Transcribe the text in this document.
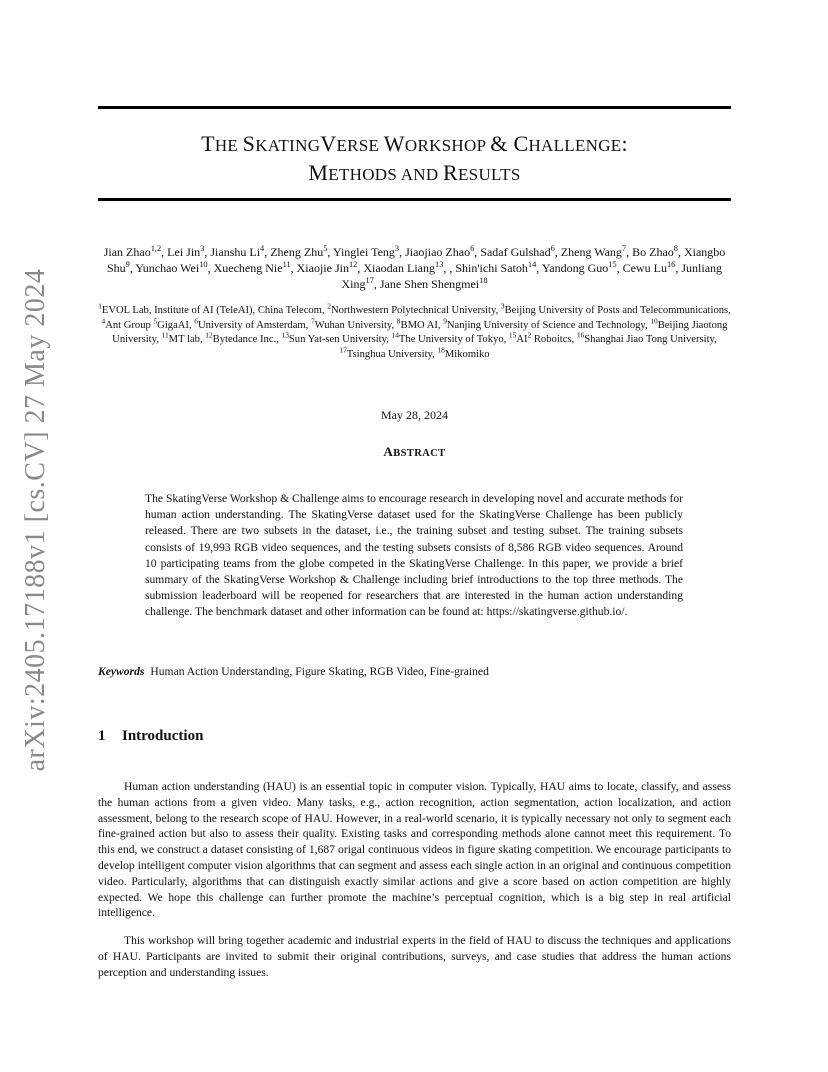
arXiv:2405.17188v1 [cs.CV] 27 May 2024
THE SKATINGVERSE WORKSHOP & CHALLENGE:
METHODS AND RESULTS
Jian Zhao$^{1,2}$, Lei Jin$^3$, Jianshu Li$^4$, Zheng Zhu$^5$, Yinglei Teng$^3$, Jiaojiao Zhao$^6$, Sadaf Gulshad$^6$, Zheng Wang$^7$, Bo Zhao$^8$, Xiangbo Shu$^9$, Yunchao Wei$^{10}$, Xuecheng Nie$^{11}$, Xiaojie Jin$^{12}$, Xiaodan Liang$^{13}$, , Shin'ichi Satoh$^{14}$, Yandong Guo$^{15}$, Cewu Lu$^{16}$, Junliang Xing$^{17}$, Jane Shen Shengmei$^{18}$
$^1$EVOL Lab, Institute of AI (TeleAI), China Telecom, $^2$Northwestern Polytechnical University, $^3$Beijing University of Posts and Telecommunications, $^4$Ant Group $^5$GigaAI, $^6$University of Amsterdam, $^7$Wuhan University, $^8$BMO AI, $^9$Nanjing University of Science and Technology, $^{10}$Beijing Jiaotong University, $^{11}$MT lab, $^{12}$Bytedance Inc., $^{13}$Sun Yat-sen University, $^{14}$The University of Tokyo, $^{15}AI^2$ Roboitcs, $^{16}$Shanghai Jiao Tong University, $^{17}$Tsinghua University, $^{18}$Mikomiko
May 28, 2024
ABSTRACT
The SkatingVerse Workshop & Challenge aims to encourage research in developing novel and accurate methods for human action understanding. The SkatingVerse dataset used for the SkatingVerse Challenge has been publicly released. There are two subsets in the dataset, i.e., the training subset and testing subset. The training subsets consists of 19,993 RGB video sequences, and the testing subsets consists of 8,586 RGB video sequences. Around 10 participating teams from the globe competed in the SkatingVerse Challenge. In this paper, we provide a brief summary of the SkatingVerse Workshop & Challenge including brief introductions to the top three methods. The submission leaderboard will be reopened for researchers that are interested in the human action understanding challenge. The benchmark dataset and other information can be found at: https://skatingverse.github.io/.
Keywords Human Action Understanding, Figure Skating, RGB Video, Fine-grained
1 Introduction

Human action understanding (HAU) is an essential topic in computer vision. Typically, HAU aims to locate, classify, and assess the human actions from a given video. Many tasks, e.g., action recognition, action segmentation, action localization, and action assessment, belong to the research scope of HAU. However, in a real-world scenario, it is typically necessary not only to segment each fine-grained action but also to assess their quality. Existing tasks and corresponding methods alone cannot meet this requirement. To this end, we construct a dataset consisting of 1,687 origal continuous videos in figure skating competition. We encourage participants to develop intelligent computer vision algorithms that can segment and assess each single action in an original and continuous competition video. Particularly, algorithms that can distinguish exactly similar actions and give a score based on action competition are highly expected. We hope this challenge can further promote the machine’s perceptual cognition, which is a big step in real artificial intelligence.

This workshop will bring together academic and industrial experts in the field of HAU to discuss the techniques and applications of HAU. Participants are invited to submit their original contributions, surveys, and case studies that address the human actions perception and understanding issues.
